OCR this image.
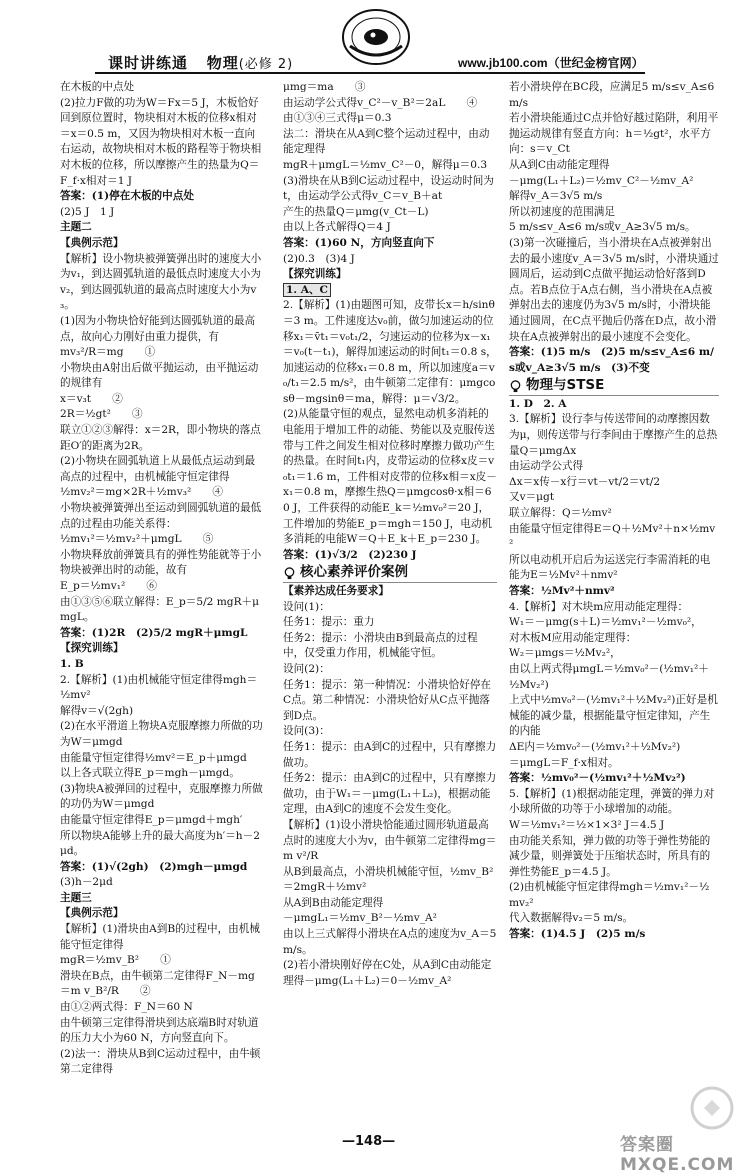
课时讲练通 物理(必修 2)	www.jb100.com（世纪金榜官网）

在木板的中点处

(2)拉力F做的功为W＝Fx＝5 J，木板恰好回到原位置时，物块相对木板的位移x相对＝x＝0.5 m，又因为物块相对木板一直向右运动，故物块相对木板的路程等于物块相对木板的位移，所以摩擦产生的热量为Q＝F_f·x相对＝1 J

答案：(1)停在木板的中点处

(2)5 J　1 J

主题二

【典例示范】

【解析】设小物块被弹簧弹出时的速度大小为v₁，到达圆弧轨道的最低点时速度大小为v₂，到达圆弧轨道的最高点时速度大小为v₃。

(1)因为小物块恰好能到达圆弧轨道的最高点，故向心力刚好由重力提供，有

mv₃²/R＝mg　　①

小物块由A射出后做平抛运动，由平抛运动的规律有

x＝v₃t　　②

2R＝½gt²　　③

联立①②③解得：x＝2R，即小物块的落点距O′的距离为2R。

(2)小物块在圆弧轨道上从最低点运动到最高点的过程中，由机械能守恒定律得

½mv₂²＝mg×2R＋½mv₃²　　④

小物块被弹簧弹出至运动到圆弧轨道的最低点的过程由功能关系得：

½mv₁²＝½mv₂²＋μmgL　　⑤

小物块释放前弹簧具有的弹性势能就等于小物块被弹出时的动能，故有

E_p＝½mv₁²　　⑥

由①③⑤⑥联立解得：E_p＝5/2 mgR＋μmgL。

答案：(1)2R　(2)5/2 mgR＋μmgL

【探究训练】

1. B

2.【解析】(1)由机械能守恒定律得mgh＝½mv²

解得v＝√(2gh)

(2)在水平滑道上物块A克服摩擦力所做的功为W＝μmgd

由能量守恒定律得½mv²＝E_p＋μmgd

以上各式联立得E_p＝mgh－μmgd。

(3)物块A被弹回的过程中，克服摩擦力所做的功仍为W＝μmgd

由能量守恒定律得E_p＝μmgd＋mgh′

所以物块A能够上升的最大高度为h′＝h－2μd。

答案：(1)√(2gh)　(2)mgh－μmgd

(3)h－2μd

主题三

【典例示范】

【解析】(1)滑块由A到B的过程中，由机械能守恒定律得

mgR＝½mv_B²　　①

滑块在B点，由牛顿第二定律得F_N－mg＝m v_B²/R　　②

由①②两式得：F_N＝60 N

由牛顿第三定律得滑块到达底端B时对轨道的压力大小为60 N，方向竖直向下。

(2)法一：滑块从B到C运动过程中，由牛顿第二定律得

μmg＝ma　　③

由运动学公式得v_C²－v_B²＝2aL　　④

由①③④三式得μ＝0.3

法二：滑块在从A到C整个运动过程中，由动能定理得

mgR＋μmgL＝½mv_C²－0，解得μ＝0.3

(3)滑块在从B到C运动过程中，设运动时间为t，由运动学公式得v_C＝v_B＋at

产生的热量Q＝μmg(v_Ct－L)

由以上各式解得Q＝4 J

答案：(1)60 N，方向竖直向下

(2)0.3　(3)4 J

【探究训练】

1. A、C

2.【解析】(1)由题图可知，皮带长x＝h/sinθ＝3 m。工件速度达v₀前，做匀加速运动的位移x₁＝v̄t₁＝v₀t₁/2，匀速运动的位移为x－x₁＝v₀(t－t₁)，解得加速运动的时间t₁＝0.8 s，加速运动的位移x₁＝0.8 m，所以加速度a＝v₀/t₁＝2.5 m/s²，由牛顿第二定律有：μmgcosθ－mgsinθ＝ma，解得：μ＝√3/2。

(2)从能量守恒的观点，显然电动机多消耗的电能用于增加工件的动能、势能以及克服传送带与工件之间发生相对位移时摩擦力做功产生的热量。在时间t₁内，皮带运动的位移x皮＝v₀t₁＝1.6 m，工件相对皮带的位移x相＝x皮－x₁＝0.8 m，摩擦生热Q＝μmgcosθ·x相＝60 J，工件获得的动能E_k＝½mv₀²＝20 J，工件增加的势能E_p＝mgh＝150 J，电动机多消耗的电能W＝Q＋E_k＋E_p＝230 J。

答案：(1)√3/2　(2)230 J

核心素养评价案例

【素养达成任务要求】

设问(1)：

任务1：提示：重力

任务2：提示：小滑块由B到最高点的过程中，仅受重力作用，机械能守恒。

设问(2)：

任务1：提示：第一种情况：小滑块恰好停在C点。第二种情况：小滑块恰好从C点平抛落到D点。

设问(3)：

任务1：提示：由A到C的过程中，只有摩擦力做功。

任务2：提示：由A到C的过程中，只有摩擦力做功，由于W₁＝－μmg(L₁＋L₂)，根据动能定理，由A到C的速度不会发生变化。

【解析】(1)设小滑块恰能通过圆形轨道最高点时的速度大小为v，由牛顿第二定律得mg＝m v²/R

从B到最高点，小滑块机械能守恒，½mv_B²＝2mgR＋½mv²

从A到B由动能定理得

－μmgL₁＝½mv_B²－½mv_A²

由以上三式解得小滑块在A点的速度为v_A＝5 m/s。

(2)若小滑块刚好停在C处，从A到C由动能定理得－μmg(L₁＋L₂)＝0－½mv_A²

若小滑块停在BC段，应满足5 m/s≤v_A≤6 m/s

若小滑块能通过C点并恰好越过陷阱，利用平抛运动规律有竖直方向：h＝½gt²，水平方向：s＝v_Ct

从A到C由动能定理得

－μmg(L₁＋L₂)＝½mv_C²－½mv_A²

解得v_A＝3√5 m/s

所以初速度的范围满足

5 m/s≤v_A≤6 m/s或v_A≥3√5 m/s。

(3)第一次碰撞后，当小滑块在A点被弹射出去的最小速度v_A＝3√5 m/s时，小滑块通过圆周后，运动到C点做平抛运动恰好落到D点。若B点位于A点右侧，当小滑块在A点被弹射出去的速度仍为3√5 m/s时，小滑块能通过圆周，在C点平抛后仍落在D点，故小滑块在A点被弹射出的最小速度不会变化。

答案：(1)5 m/s　(2)5 m/s≤v_A≤6 m/s或v_A≥3√5 m/s　(3)不变

物理与STSE

1. D　2. A

3.【解析】设行李与传送带间的动摩擦因数为μ，则传送带与行李间由于摩擦产生的总热量Q＝μmgΔx

由运动学公式得

Δx＝x传－x行＝vt－vt/2＝vt/2

又v＝μgt

联立解得：Q＝½mv²

由能量守恒定律得E＝Q＋½Mv²＋n×½mv²

所以电动机开启后为运送完行李需消耗的电能为E＝½Mv²＋nmv²

答案：½Mv²＋nmv²

4.【解析】对木块m应用动能定理得：

W₁＝－μmg(s＋L)＝½mv₁²－½mv₀²，

对木板M应用动能定理得：

W₂＝μmgs＝½Mv₂²，

由以上两式得μmgL＝½mv₀²－(½mv₁²＋½Mv₂²)

上式中½mv₀²－(½mv₁²＋½Mv₂²)正好是机械能的减少量，根据能量守恒定律知，产生的内能

ΔE内＝½mv₀²－(½mv₁²＋½Mv₂²)

＝μmgL＝F_f·x相对。

答案：½mv₀²－(½mv₁²＋½Mv₂²)

5.【解析】(1)根据动能定理，弹簧的弹力对小球所做的功等于小球增加的动能。

W＝½mv₁²＝½×1×3² J＝4.5 J

由功能关系知，弹力做的功等于弹性势能的减少量，则弹簧处于压缩状态时，所具有的弹性势能E_p＝4.5 J。

(2)由机械能守恒定律得mgh＝½mv₁²－½mv₂²

代入数据解得v₂＝5 m/s。

答案：(1)4.5 J　(2)5 m/s

—148—	答案圈 MXQE.COM
